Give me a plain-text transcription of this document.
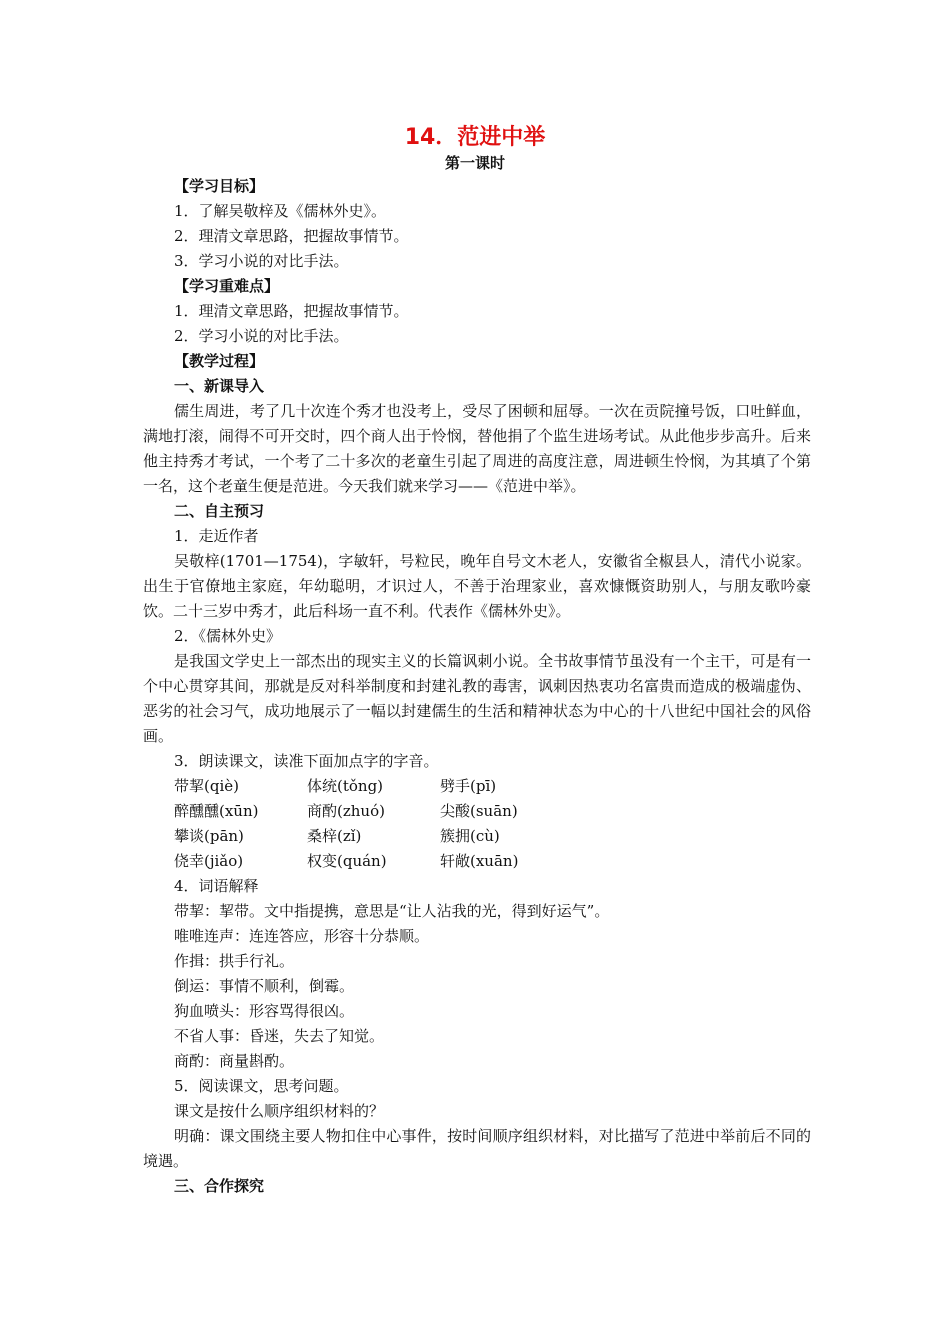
14．范进中举
第一课时

【学习目标】

1．了解吴敬梓及《儒林外史》。

2．理清文章思路，把握故事情节。

3．学习小说的对比手法。

【学习重难点】

1．理清文章思路，把握故事情节。

2．学习小说的对比手法。

【教学过程】

一、新课导入

儒生周进，考了几十次连个秀才也没考上，受尽了困顿和屈辱。一次在贡院撞号饭，口吐鲜血，满地打滚，闹得不可开交时，四个商人出于怜悯，替他捐了个监生进场考试。从此他步步高升。后来他主持秀才考试，一个考了二十多次的老童生引起了周进的高度注意，周进顿生怜悯，为其填了个第一名，这个老童生便是范进。今天我们就来学习——《范进中举》。

二、自主预习

1．走近作者

吴敬梓(1701—1754)，字敏轩，号粒民，晚年自号文木老人，安徽省全椒县人，清代小说家。出生于官僚地主家庭，年幼聪明，才识过人，不善于治理家业，喜欢慷慨资助别人，与朋友歌吟豪饮。二十三岁中秀才，此后科场一直不利。代表作《儒林外史》。

2．《儒林外史》

是我国文学史上一部杰出的现实主义的长篇讽刺小说。全书故事情节虽没有一个主干，可是有一个中心贯穿其间，那就是反对科举制度和封建礼教的毒害，讽刺因热衷功名富贵而造成的极端虚伪、恶劣的社会习气，成功地展示了一幅以封建儒生的生活和精神状态为中心的十八世纪中国社会的风俗画。

3．朗读课文，读准下面加点字的字音。

带挈(qiè)	体统(tǒng)	劈手(pī)
醉醺醺(xūn)	商酌(zhuó)	尖酸(suān)
攀谈(pān)	桑梓(zǐ)	簇拥(cù)
侥幸(jiǎo)	权变(quán)	轩敞(xuān)

4．词语解释

带挈：挈带。文中指提携，意思是“让人沾我的光，得到好运气”。

唯唯连声：连连答应，形容十分恭顺。

作揖：拱手行礼。

倒运：事情不顺利，倒霉。

狗血喷头：形容骂得很凶。

不省人事：昏迷，失去了知觉。

商酌：商量斟酌。

5．阅读课文，思考问题。

课文是按什么顺序组织材料的？

明确：课文围绕主要人物扣住中心事件，按时间顺序组织材料，对比描写了范进中举前后不同的境遇。

三、合作探究
